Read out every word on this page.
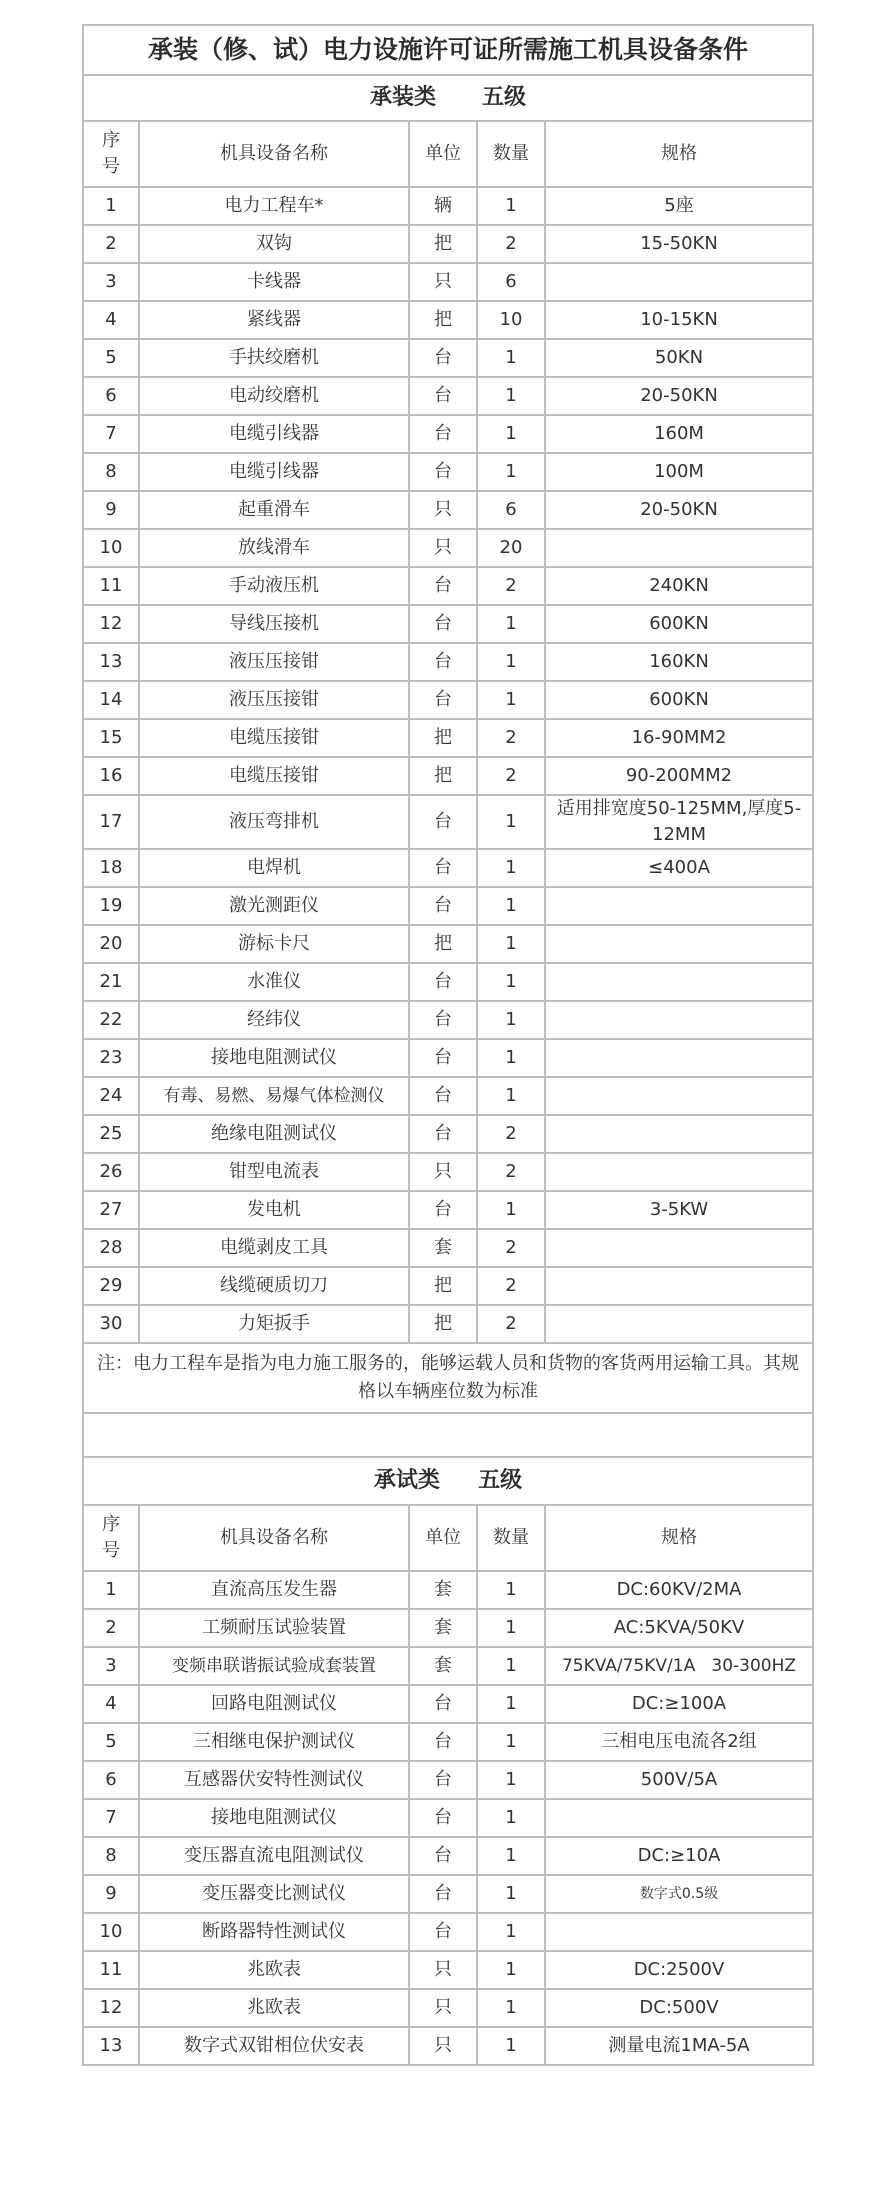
承装（修、试）电力设施许可证所需施工机具设备条件				
承装类 五级				
序号	机具设备名称	单位	数量	规格
1	电力工程车*	辆	1	5座
2	双钩	把	2	15-50KN
3	卡线器	只	6	
4	紧线器	把	10	10-15KN
5	手扶绞磨机	台	1	50KN
6	电动绞磨机	台	1	20-50KN
7	电缆引线器	台	1	160M
8	电缆引线器	台	1	100M
9	起重滑车	只	6	20-50KN
10	放线滑车	只	20	
11	手动液压机	台	2	240KN
12	导线压接机	台	1	600KN
13	液压压接钳	台	1	160KN
14	液压压接钳	台	1	600KN
15	电缆压接钳	把	2	16-90MM2
16	电缆压接钳	把	2	90-200MM2
17	液压弯排机	台	1	适用排宽度50-125MM,厚度5-12MM
18	电焊机	台	1	≤400A
19	激光测距仪	台	1	
20	游标卡尺	把	1	
21	水准仪	台	1	
22	经纬仪	台	1	
23	接地电阻测试仪	台	1	
24	有毒、易燃、易爆气体检测仪	台	1	
25	绝缘电阻测试仪	台	2	
26	钳型电流表	只	2	
27	发电机	台	1	3-5KW
28	电缆剥皮工具	套	2	
29	线缆硬质切刀	把	2	
30	力矩扳手	把	2	
注：电力工程车是指为电力施工服务的，能够运载人员和货物的客货两用运输工具。其规格以车辆座位数为标准				

承试类 五级				
序号	机具设备名称	单位	数量	规格
1	直流高压发生器	套	1	DC:60KV/2MA
2	工频耐压试验装置	套	1	AC:5KVA/50KV
3	变频串联谐振试验成套装置	套	1	75KVA/75KV/1A   30-300HZ
4	回路电阻测试仪	台	1	DC:≥100A
5	三相继电保护测试仪	台	1	三相电压电流各2组
6	互感器伏安特性测试仪	台	1	500V/5A
7	接地电阻测试仪	台	1	
8	变压器直流电阻测试仪	台	1	DC:≥10A
9	变压器变比测试仪	台	1	数字式0.5级
10	断路器特性测试仪	台	1	
11	兆欧表	只	1	DC:2500V
12	兆欧表	只	1	DC:500V
13	数字式双钳相位伏安表	只	1	测量电流1MA-5A
